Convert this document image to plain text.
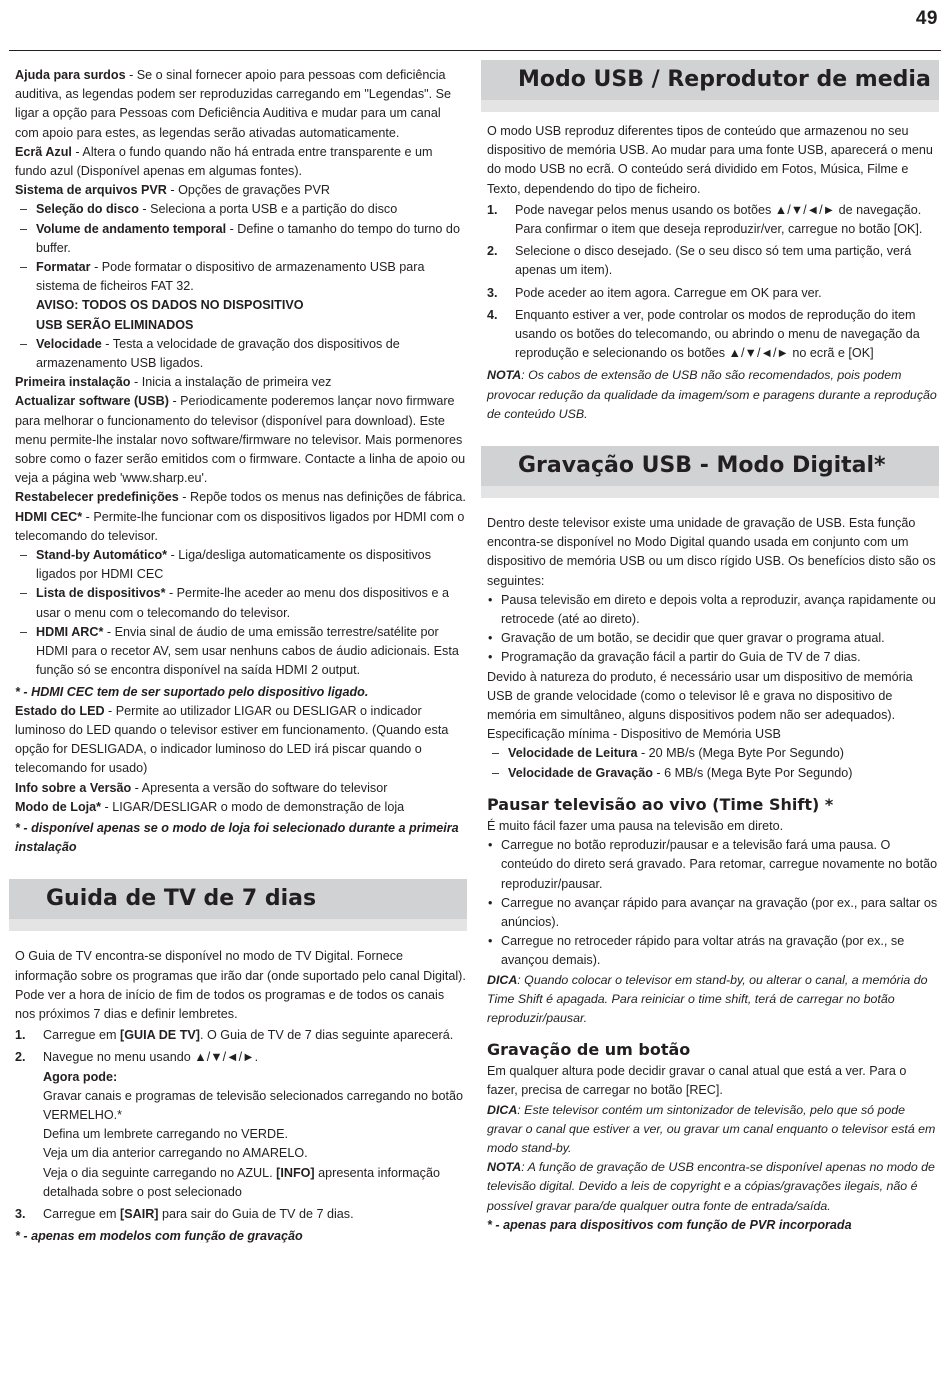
49

Ajuda para surdos - Se o sinal fornecer apoio para pessoas com deficiência auditiva, as legendas podem ser reproduzidas carregando em "Legendas". Se ligar a opção para Pessoas com Deficiência Auditiva e mudar para um canal com apoio para estes, as legendas serão ativadas automaticamente.

Ecrã Azul - Altera o fundo quando não há entrada entre transparente e um fundo azul (Disponível apenas em algumas fontes).

Sistema de arquivos PVR - Opções de gravações PVR

– Seleção do disco - Seleciona a porta USB e a partição do disco

– Volume de andamento temporal - Define o tamanho do tempo do turno do buffer.

– Formatar - Pode formatar o dispositivo de armazenamento USB para sistema de ficheiros FAT 32.
AVISO: TODOS OS DADOS NO DISPOSITIVO
USB SERÃO ELIMINADOS

– Velocidade - Testa a velocidade de gravação dos dispositivos de armazenamento USB ligados.

Primeira instalação - Inicia a instalação de primeira vez

Actualizar software (USB) - Periodicamente poderemos lançar novo firmware para melhorar o funcionamento do televisor (disponível para download). Este menu permite-lhe instalar novo software/firmware no televisor. Mais pormenores sobre como o fazer serão emitidos com o firmware. Contacte a linha de apoio ou veja a página web 'www.sharp.eu'.

Restabelecer predefinições - Repõe todos os menus nas definições de fábrica.

HDMI CEC* - Permite-lhe funcionar com os dispositivos ligados por HDMI com o telecomando do televisor.

– Stand-by Automático* - Liga/desliga automaticamente os dispositivos ligados por HDMI CEC

– Lista de dispositivos* - Permite-lhe aceder ao menu dos dispositivos e a usar o menu com o telecomando do televisor.

– HDMI ARC* - Envia sinal de áudio de uma emissão terrestre/satélite por HDMI para o recetor AV, sem usar nenhuns cabos de áudio adicionais. Esta função só se encontra disponível na saída HDMI 2 output.

* - HDMI CEC tem de ser suportado pelo dispositivo ligado.

Estado do LED - Permite ao utilizador LIGAR ou DESLIGAR o indicador luminoso do LED quando o televisor estiver em funcionamento. (Quando esta opção for DESLIGADA, o indicador luminoso do LED irá piscar quando o telecomando for usado)

Info sobre a Versão - Apresenta a versão do software do televisor

Modo de Loja* - LIGAR/DESLIGAR o modo de demonstração de loja

* - disponível apenas se o modo de loja foi selecionado durante a primeira instalação

Guida de TV de 7 dias

O Guia de TV encontra-se disponível no modo de TV Digital. Fornece informação sobre os programas que irão dar (onde suportado pelo canal Digital). Pode ver a hora de início de fim de todos os programas e de todos os canais nos próximos 7 dias e definir lembretes.

1. Carregue em [GUIA DE TV]. O Guia de TV de 7 dias seguinte aparecerá.
2. Navegue no menu usando ▲/▼/◄/►.
Agora pode:
Gravar canais e programas de televisão selecionados carregando no botão VERMELHO.*
Defina um lembrete carregando no VERDE.
Veja um dia anterior carregando no AMARELO.
Veja o dia seguinte carregando no AZUL. [INFO] apresenta informação detalhada sobre o post selecionado
3. Carregue em [SAIR] para sair do Guia de TV de 7 dias.

* - apenas em modelos com função de gravação

Modo USB / Reprodutor de media

O modo USB reproduz diferentes tipos de conteúdo que armazenou no seu dispositivo de memória USB. Ao mudar para uma fonte USB, aparecerá o menu do modo USB no ecrã. O conteúdo será dividido em Fotos, Música, Filme e Texto, dependendo do tipo de ficheiro.

1. Pode navegar pelos menus usando os botões ▲/▼/◄/► de navegação. Para confirmar o item que deseja reproduzir/ver, carregue no botão [OK].
2. Selecione o disco desejado. (Se o seu disco só tem uma partição, verá apenas um item).
3. Pode aceder ao item agora. Carregue em OK para ver.
4. Enquanto estiver a ver, pode controlar os modos de reprodução do item usando os botões do telecomando, ou abrindo o menu de navegação da reprodução e selecionando os botões ▲/▼/◄/► no ecrã e [OK]

NOTA: Os cabos de extensão de USB não são recomendados, pois podem provocar redução da qualidade da imagem/som e paragens durante a reprodução de conteúdo USB.

Gravação USB - Modo Digital*

Dentro deste televisor existe uma unidade de gravação de USB. Esta função encontra-se disponível no Modo Digital quando usada em conjunto com um dispositivo de memória USB ou um disco rígido USB. Os benefícios disto são os seguintes:

• Pausa televisão em direto e depois volta a reproduzir, avança rapidamente ou retrocede (até ao direto).

• Gravação de um botão, se decidir que quer gravar o programa atual.

• Programação da gravação fácil a partir do Guia de TV de 7 dias.

Devido à natureza do produto, é necessário usar um dispositivo de memória USB de grande velocidade (como o televisor lê e grava no dispositivo de memória em simultâneo, alguns dispositivos podem não ser adequados).

Especificação mínima - Dispositivo de Memória USB

– Velocidade de Leitura - 20 MB/s (Mega Byte Por Segundo)

– Velocidade de Gravação - 6 MB/s (Mega Byte Por Segundo)

Pausar televisão ao vivo (Time Shift) *

É muito fácil fazer uma pausa na televisão em direto.

• Carregue no botão reproduzir/pausar e a televisão fará uma pausa. O conteúdo do direto será gravado. Para retomar, carregue novamente no botão reproduzir/pausar.

• Carregue no avançar rápido para avançar na gravação (por ex., para saltar os anúncios).

• Carregue no retroceder rápido para voltar atrás na gravação (por ex., se avançou demais).

DICA: Quando colocar o televisor em stand-by, ou alterar o canal, a memória do Time Shift é apagada. Para reiniciar o time shift, terá de carregar no botão reproduzir/pausar.

Gravação de um botão

Em qualquer altura pode decidir gravar o canal atual que está a ver. Para o fazer, precisa de carregar no botão [REC].

DICA: Este televisor contém um sintonizador de televisão, pelo que só pode gravar o canal que estiver a ver, ou gravar um canal enquanto o televisor está em modo stand-by.

NOTA: A função de gravação de USB encontra-se disponível apenas no modo de televisão digital. Devido a leis de copyright e a cópias/gravações ilegais, não é possível gravar para/de qualquer outra fonte de entrada/saída.

* - apenas para dispositivos com função de PVR incorporada
